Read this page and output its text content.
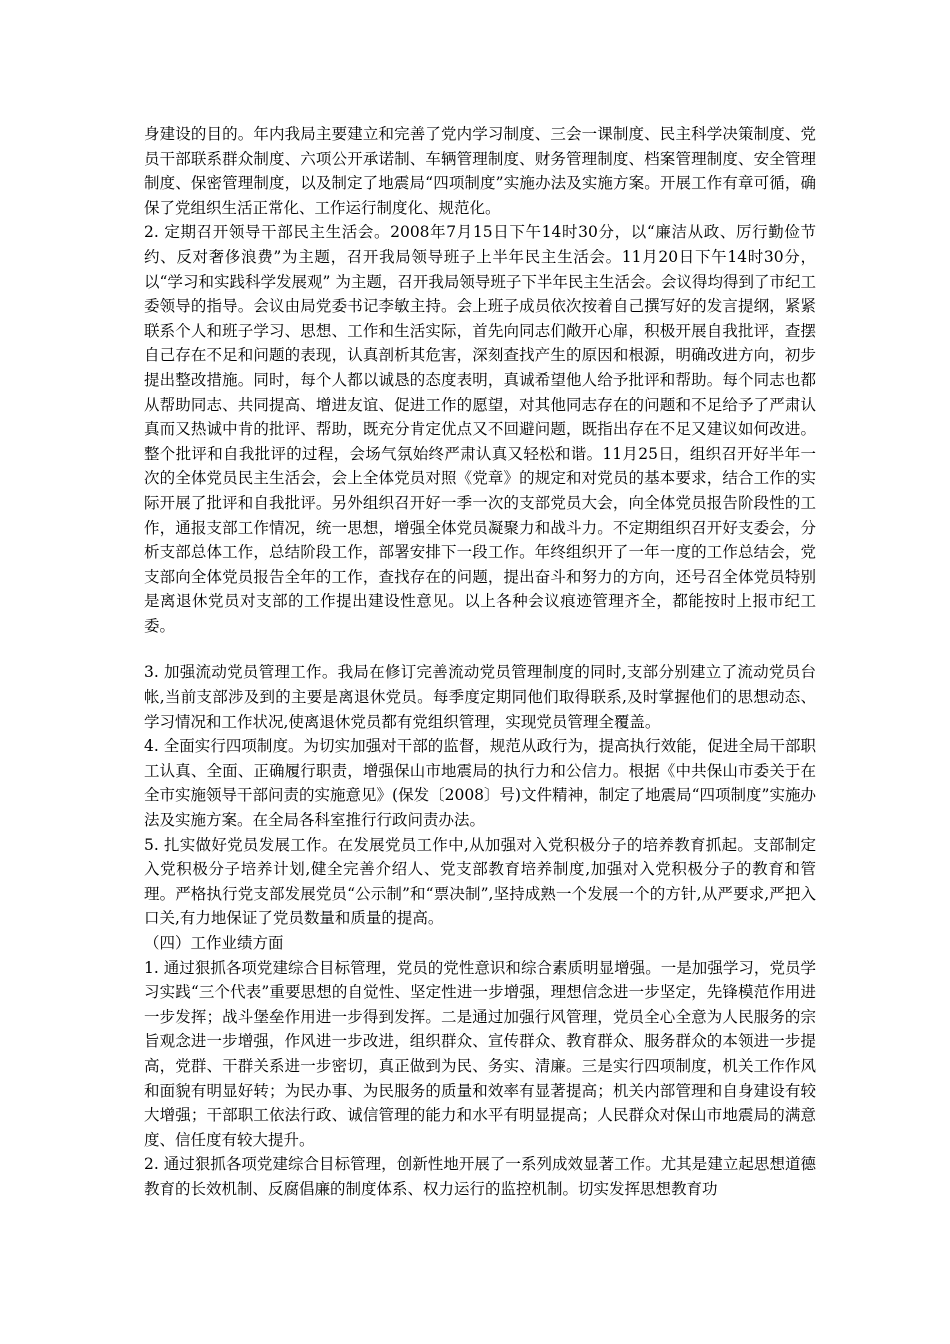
身建设的目的。年内我局主要建立和完善了党内学习制度、三会一课制度、民主科学决策制度、党员干部联系群众制度、六项公开承诺制、车辆管理制度、财务管理制度、档案管理制度、安全管理制度、保密管理制度，以及制定了地震局“四项制度”实施办法及实施方案。开展工作有章可循，确保了党组织生活正常化、工作运行制度化、规范化。

2. 定期召开领导干部民主生活会。2008年7月15日下午14时30分，以“廉洁从政、厉行勤俭节约、反对奢侈浪费”为主题，召开我局领导班子上半年民主生活会。11月20日下午14时30分，以“学习和实践科学发展观” 为主题，召开我局领导班子下半年民主生活会。会议得均得到了市纪工委领导的指导。会议由局党委书记李敏主持。会上班子成员依次按着自己撰写好的发言提纲，紧紧联系个人和班子学习、思想、工作和生活实际，首先向同志们敞开心扉，积极开展自我批评，查摆自己存在不足和问题的表现，认真剖析其危害，深刻查找产生的原因和根源，明确改进方向，初步提出整改措施。同时，每个人都以诚恳的态度表明，真诚希望他人给予批评和帮助。每个同志也都从帮助同志、共同提高、增进友谊、促进工作的愿望，对其他同志存在的问题和不足给予了严肃认真而又热诚中肯的批评、帮助，既充分肯定优点又不回避问题，既指出存在不足又建议如何改进。整个批评和自我批评的过程，会场气氛始终严肃认真又轻松和谐。11月25日，组织召开好半年一次的全体党员民主生活会，会上全体党员对照《党章》的规定和对党员的基本要求，结合工作的实际开展了批评和自我批评。另外组织召开好一季一次的支部党员大会，向全体党员报告阶段性的工作，通报支部工作情况，统一思想，增强全体党员凝聚力和战斗力。不定期组织召开好支委会，分析支部总体工作，总结阶段工作，部署安排下一段工作。年终组织开了一年一度的工作总结会，党支部向全体党员报告全年的工作，查找存在的问题，提出奋斗和努力的方向，还号召全体党员特别是离退休党员对支部的工作提出建设性意见。以上各种会议痕迹管理齐全，都能按时上报市纪工委。

3. 加强流动党员管理工作。我局在修订完善流动党员管理制度的同时,支部分别建立了流动党员台帐,当前支部涉及到的主要是离退休党员。每季度定期同他们取得联系,及时掌握他们的思想动态、学习情况和工作状况,使离退休党员都有党组织管理，实现党员管理全覆盖。

4. 全面实行四项制度。为切实加强对干部的监督，规范从政行为，提高执行效能，促进全局干部职工认真、全面、正确履行职责，增强保山市地震局的执行力和公信力。根据《中共保山市委关于在全市实施领导干部问责的实施意见》(保发〔2008〕号)文件精神，制定了地震局“四项制度”实施办法及实施方案。在全局各科室推行行政问责办法。

5. 扎实做好党员发展工作。在发展党员工作中,从加强对入党积极分子的培养教育抓起。支部制定入党积极分子培养计划,健全完善介绍人、党支部教育培养制度,加强对入党积极分子的教育和管理。严格执行党支部发展党员“公示制”和“票决制”,坚持成熟一个发展一个的方针,从严要求,严把入口关,有力地保证了党员数量和质量的提高。

（四）工作业绩方面

1. 通过狠抓各项党建综合目标管理，党员的党性意识和综合素质明显增强。一是加强学习，党员学习实践“三个代表”重要思想的自觉性、坚定性进一步增强，理想信念进一步坚定，先锋模范作用进一步发挥；战斗堡垒作用进一步得到发挥。二是通过加强行风管理，党员全心全意为人民服务的宗旨观念进一步增强，作风进一步改进，组织群众、宣传群众、教育群众、服务群众的本领进一步提高，党群、干群关系进一步密切，真正做到为民、务实、清廉。三是实行四项制度，机关工作作风和面貌有明显好转；为民办事、为民服务的质量和效率有显著提高；机关内部管理和自身建设有较大增强；干部职工依法行政、诚信管理的能力和水平有明显提高；人民群众对保山市地震局的满意度、信任度有较大提升。

2. 通过狠抓各项党建综合目标管理，创新性地开展了一系列成效显著工作。尤其是建立起思想道德教育的长效机制、反腐倡廉的制度体系、权力运行的监控机制。切实发挥思想教育功
